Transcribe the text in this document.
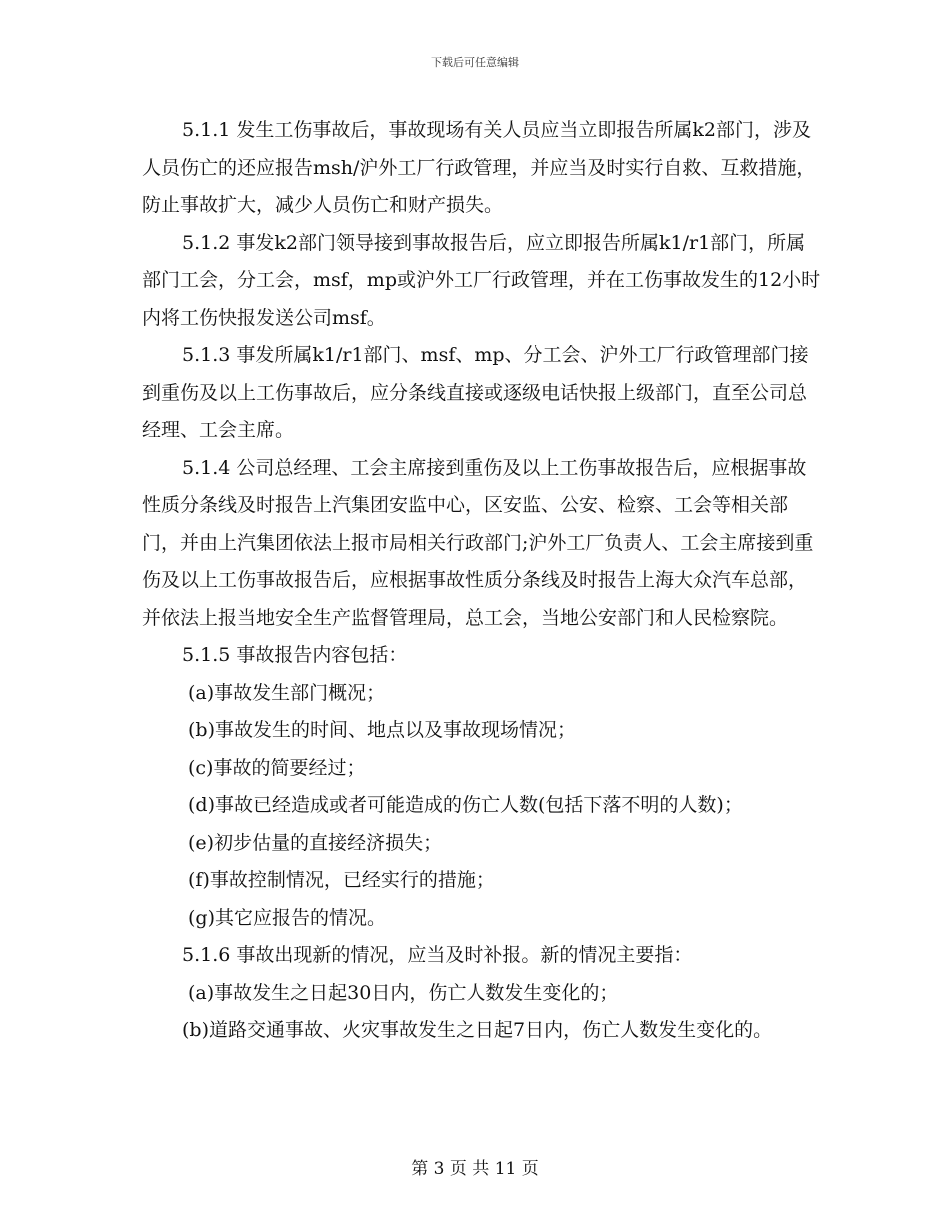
下载后可任意编辑

5.1.1 发生工伤事故后，事故现场有关人员应当立即报告所属k2部门，涉及人员伤亡的还应报告msh/沪外工厂行政管理，并应当及时实行自救、互救措施，防止事故扩大，减少人员伤亡和财产损失。

5.1.2 事发k2部门领导接到事故报告后，应立即报告所属k1/r1部门，所属部门工会，分工会，msf，mp或沪外工厂行政管理，并在工伤事故发生的12小时内将工伤快报发送公司msf。

5.1.3 事发所属k1/r1部门、msf、mp、分工会、沪外工厂行政管理部门接到重伤及以上工伤事故后，应分条线直接或逐级电话快报上级部门，直至公司总经理、工会主席。

5.1.4 公司总经理、工会主席接到重伤及以上工伤事故报告后，应根据事故性质分条线及时报告上汽集团安监中心，区安监、公安、检察、工会等相关部门，并由上汽集团依法上报市局相关行政部门;沪外工厂负责人、工会主席接到重伤及以上工伤事故报告后，应根据事故性质分条线及时报告上海大众汽车总部，并依法上报当地安全生产监督管理局，总工会，当地公安部门和人民检察院。

5.1.5 事故报告内容包括：

(a)事故发生部门概况；

(b)事故发生的时间、地点以及事故现场情况；

(c)事故的简要经过；

(d)事故已经造成或者可能造成的伤亡人数(包括下落不明的人数)；

(e)初步估量的直接经济损失；

(f)事故控制情况，已经实行的措施；

(g)其它应报告的情况。

5.1.6 事故出现新的情况，应当及时补报。新的情况主要指：

(a)事故发生之日起30日内，伤亡人数发生变化的；

(b)道路交通事故、火灾事故发生之日起7日内，伤亡人数发生变化的。

第 3 页 共 11 页
